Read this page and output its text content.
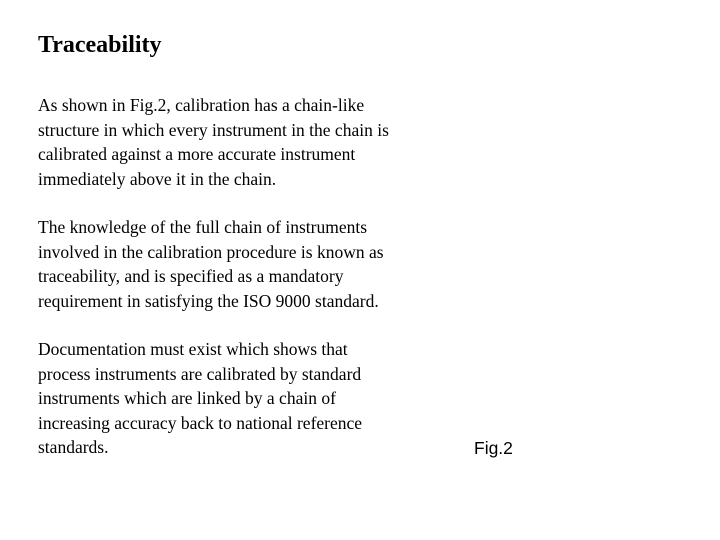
Traceability

As shown in Fig.2, calibration has a chain-like structure in which every instrument in the chain is calibrated against a more accurate instrument immediately above it in the chain.

The knowledge of the full chain of instruments involved in the calibration procedure is known as traceability, and is specified as a mandatory requirement in satisfying the ISO 9000 standard.

Documentation must exist which shows that process instruments are calibrated by standard instruments which are linked by a chain of increasing accuracy back to national reference standards.	Fig.2
